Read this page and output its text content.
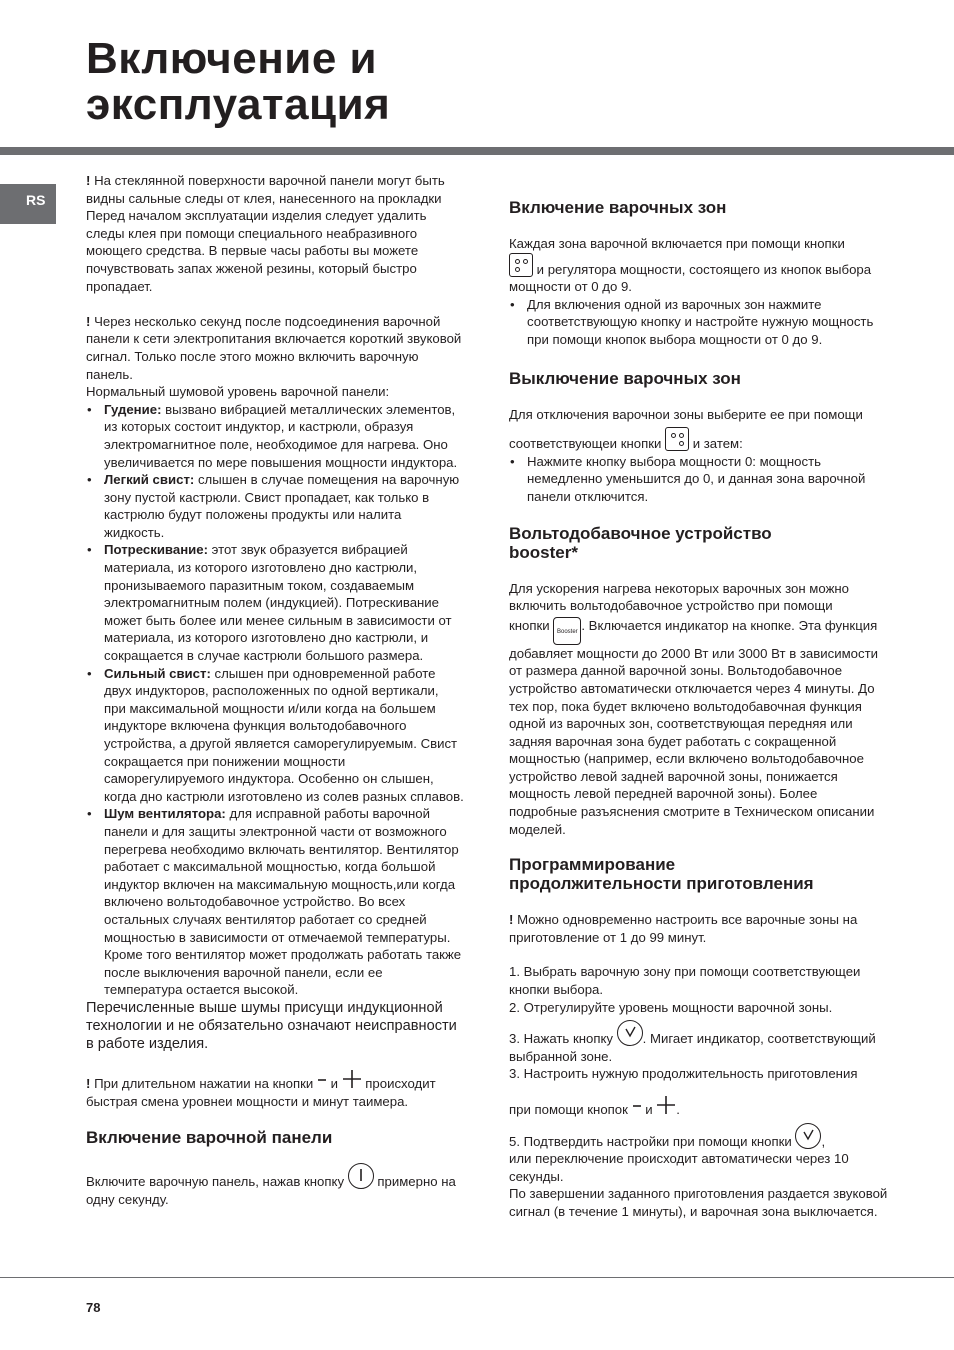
Включение и
эксплуатация
RS

! На стеклянной поверхности варочной панели могут быть видны сальные следы от клея, нанесенного на прокладки Перед началом эксплуатации изделия следует удалить следы клея при помощи специального неабразивного моющего средства. В первые часы работы вы можете почувствовать запах жженой резины, который быстро пропадает.

! Через несколько секунд после подсоединения варочной панели к сети электропитания включается короткий звуковой сигнал. Только после этого можно включить варочную панель.

Нормальный шумовой уровень варочной панели:

• Гудение: вызвано вибрацией металлических элементов, из которых состоит индуктор, и кастрюли, образуя электромагнитное поле, необходимое для нагрева. Оно увеличивается по мере повышения мощности индуктора.
• Легкий свист: слышен в случае помещения на варочную зону пустой кастрюли. Свист пропадает, как только в кастрюлю будут положены продукты или налита жидкость.
• Потрескивание: этот звук образуется вибрацией материала, из которого изготовлено дно кастрюли, пронизываемого паразитным током, создаваемым электромагнитным полем (индукцией). Потрескивание может быть более или менее сильным в зависимости от материала, из которого изготовлено дно кастрюли, и сокращается в случае кастрюли большого размера.
• Сильный свист: слышен при одновременной работе двух индукторов, расположенных по одной вертикали, при максимальной мощности и/или когда на большем индукторе включена функция вольтодобавочного устройства, а другой является саморегулируемым. Свист сокращается при понижении мощности саморегулируемого индуктора. Особенно он слышен, когда дно кастрюли изготовлено из солев разных сплавов.
• Шум вентилятора: для исправной работы варочной панели и для защиты электронной части от возможного перегрева необходимо включать вентилятор. Вентилятор работает с максимальной мощностью, когда большой индуктор включен на максимальную мощность,или когда включено вольтодобавочное устройство. Во всех остальных случаях вентилятор работает со средней мощностью в зависимости от отмечаемой температуры. Кроме того вентилятор может продолжать работать также после выключения варочной панели, если ее температура остается высокой.

Перечисленные выше шумы присущи индукционной технологии и не обязательно означают неисправности в работе изделия.

! При длительном нажатии на кнопки  и  происходит быстрая смена уровнеи мощности и минут таимера.

Включение варочной панели

Включите варочную панель, нажав кнопку
примерно на одну секунду.

Включение варочных зон

Каждая зона варочной включается при помощи кнопки

и регулятора мощности, состоящего из кнопок выбора мощности от 0 до 9.

• Для включения одной из варочных зон нажмите соответствующую кнопку и настройте нужную мощность при помощи кнопок выбора мощности от 0 до 9.
Выключение варочных зон

Для отключения варочнои зоны выберите ее при помощи

соответствующеи кнопки
и затем:

• Нажмите кнопку выбора мощности 0: мощность немедленно уменьшится до 0, и данная зона варочной панели отключится.
Вольтодобавочное устройство
booster*

Для ускорения нагрева некоторых варочных зон можно включить вольтодобавочное устройство при помощи

кнопки Booster . Включается индикатор на кнопке. Эта функция добавляет мощности до 2000 Вт или 3000 Вт в зависимости от размера данной варочной зоны. Вольтодобавочное устройство автоматически отключается через 4 минуты. До тех пор, пока будет включено вольтодобавочная функция одной из варочных зон, соответствующая передняя или задняя варочная зона будет работать с сокращенной мощностью (например, если включено вольтодобавочное устройство левой задней варочной зоны, понижается мощность левой передней варочной зоны). Более подробные разъяснения смотрите в Техническом описании моделей.

Программирование
продолжительности приготовления

! Можно одновременно настроить все варочные зоны на приготовление от 1 до 99 минут.

1. Выбрать варочную зону при помощи соответствующеи кнопки выбора.

2. Отрегулируйте уровень мощности варочной зоны.

3. Нажать кнопку
. Мигает индикатор, соответствующий выбранной зоне.

3. Настроить нужную продолжительность приготовления

при помощи кнопок  и .

5. Подтвердить настройки при помощи кнопки
,

или переключение происходит автоматически через 10 секунды.

По завершении заданного приготовления раздается звуковой сигнал (в течение 1 минуты), и варочная зона выключается.

78
